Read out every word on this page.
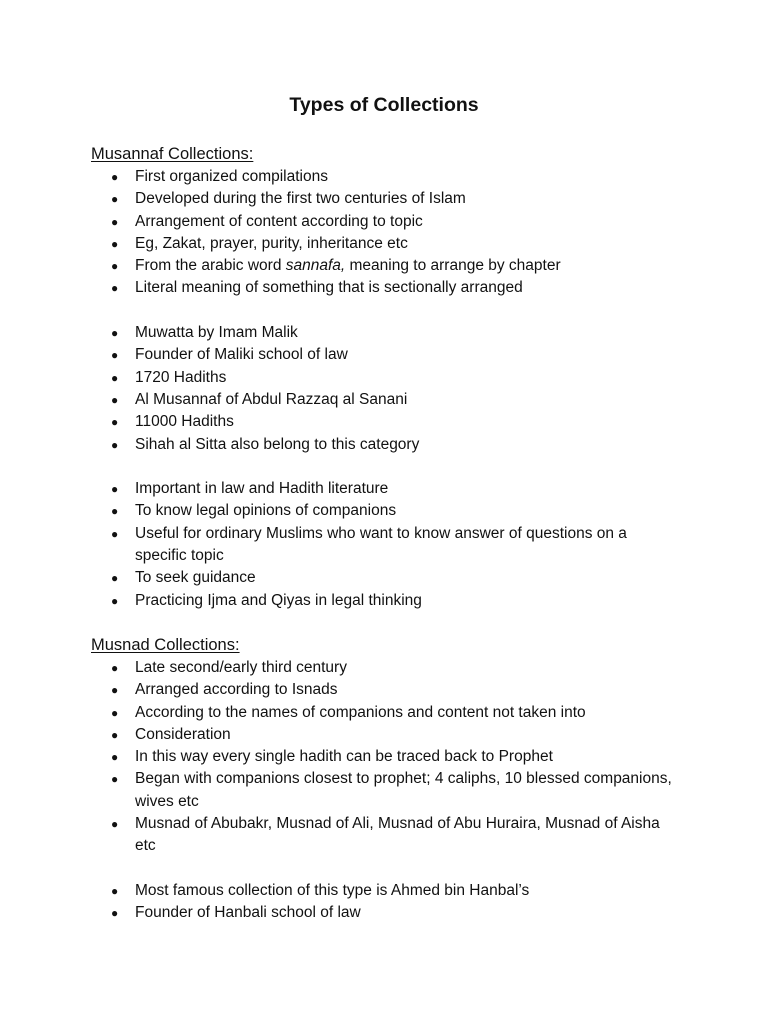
Types of Collections

Musannaf Collections:

● First organized compilations
● Developed during the first two centuries of Islam
● Arrangement of content according to topic
● Eg, Zakat, prayer, purity, inheritance etc
● From the arabic word sannafa, meaning to arrange by chapter
● Literal meaning of something that is sectionally arranged
● Muwatta by Imam Malik
● Founder of Maliki school of law
● 1720 Hadiths
● Al Musannaf of Abdul Razzaq al Sanani
● 11000 Hadiths
● Sihah al Sitta also belong to this category
● Important in law and Hadith literature
● To know legal opinions of companions
● Useful for ordinary Muslims who want to know answer of questions on a specific topic
● To seek guidance
● Practicing Ijma and Qiyas in legal thinking

Musnad Collections:

● Late second/early third century
● Arranged according to Isnads
● According to the names of companions and content not taken into
● Consideration
● In this way every single hadith can be traced back to Prophet
● Began with companions closest to prophet; 4 caliphs, 10 blessed companions, wives etc
● Musnad of Abubakr, Musnad of Ali, Musnad of Abu Huraira, Musnad of Aisha etc
● Most famous collection of this type is Ahmed bin Hanbal’s
● Founder of Hanbali school of law
